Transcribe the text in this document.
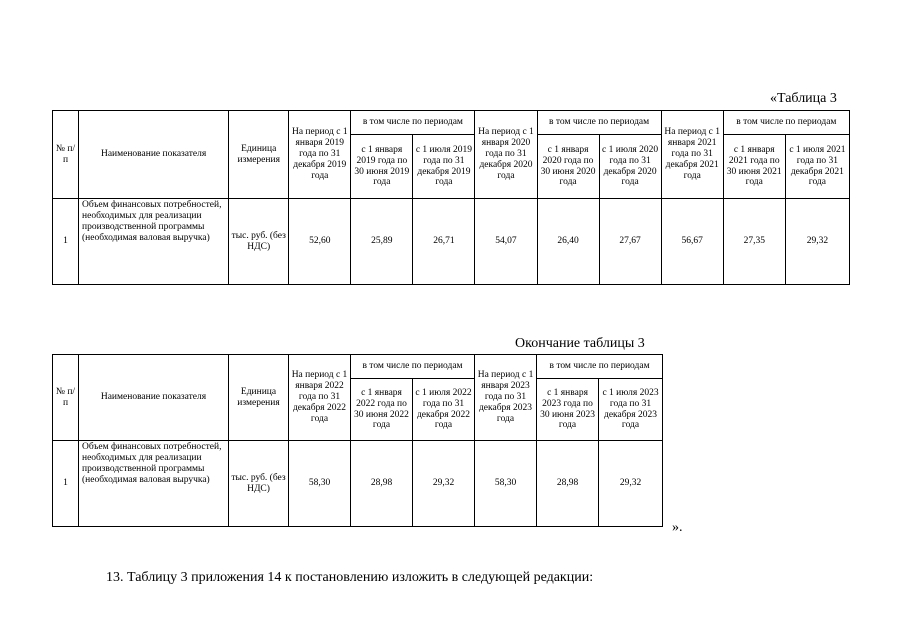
«Таблица 3
№ п/п	Наименование показателя	Единица измерения	На период с 1 января 2019 года по 31 декабря 2019 года	в том числе по периодам		На период с 1 января 2020 года по 31 декабря 2020 года	в том числе по периодам		На период с 1 января 2021 года по 31 декабря 2021 года	в том числе по периодам	
				с 1 января 2019 года по 30 июня 2019 года	с 1 июля 2019 года по 31 декабря 2019 года		с 1 января 2020 года по 30 июня 2020 года	с 1 июля 2020 года по 31 декабря 2020 года		с 1 января 2021 года по 30 июня 2021 года	с 1 июля 2021 года по 31 декабря 2021 года
1	Объем финансовых потребностей, необходимых для реализации производственной программы (необходимая валовая выручка)	тыс. руб. (без НДС)	52,60	25,89	26,71	54,07	26,40	27,67	56,67	27,35	29,32
Окончание таблицы 3
№ п/п	Наименование показателя	Единица измерения	На период с 1 января 2022 года по 31 декабря 2022 года	в том числе по периодам		На период с 1 января 2023 года по 31 декабря 2023 года	в том числе по периодам	
				с 1 января 2022 года по 30 июня 2022 года	с 1 июля 2022 года по 31 декабря 2022 года		с 1 января 2023 года по 30 июня 2023 года	с 1 июля 2023 года по 31 декабря 2023 года
1	Объем финансовых потребностей, необходимых для реализации производственной программы (необходимая валовая выручка)	тыс. руб. (без НДС)	58,30	28,98	29,32	58,30	28,98	29,32
».
13. Таблицу 3 приложения 14 к постановлению изложить в следующей редакции:
